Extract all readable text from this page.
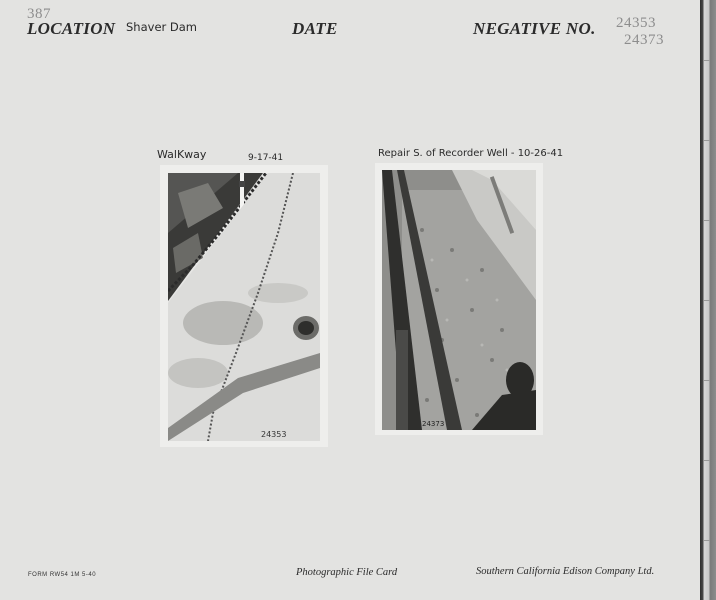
387
LOCATION Shaver Dam	DATE	NEGATIVE NO. 24353
24373
WalKway	9-17-41
24353
Repair S. of Recorder Well - 10-26-41
24373
FORM RW54 1M 5-40	Photographic File Card	Southern California Edison Company Ltd.
